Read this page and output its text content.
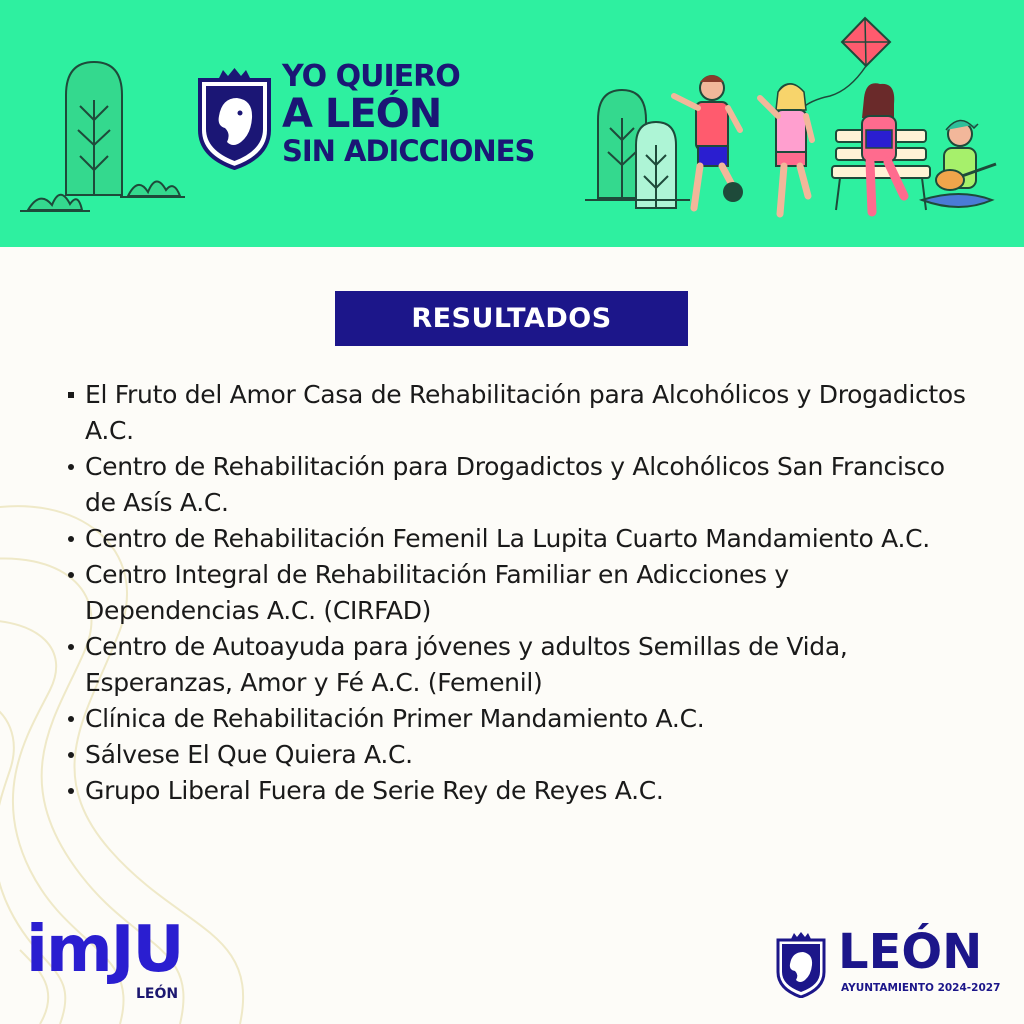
YO QUIERO
A LEÓN
SIN ADICCIONES
RESULTADOS
El Fruto del Amor Casa de Rehabilitación para Alcohólicos y Drogadictos A.C.
Centro de Rehabilitación para Drogadictos y Alcohólicos San Francisco de Asís A.C.
Centro de Rehabilitación Femenil La Lupita Cuarto Mandamiento A.C.
Centro Integral de Rehabilitación Familiar en Adicciones y Dependencias A.C. (CIRFAD)
Centro de Autoayuda para jóvenes y adultos Semillas de Vida, Esperanzas, Amor y Fé A.C. (Femenil)
Clínica de Rehabilitación Primer Mandamiento A.C.
Sálvese El Que Quiera A.C.
Grupo Liberal Fuera de Serie Rey de Reyes A.C.
imJU
LEÓN
LEÓN
AYUNTAMIENTO 2024-2027
